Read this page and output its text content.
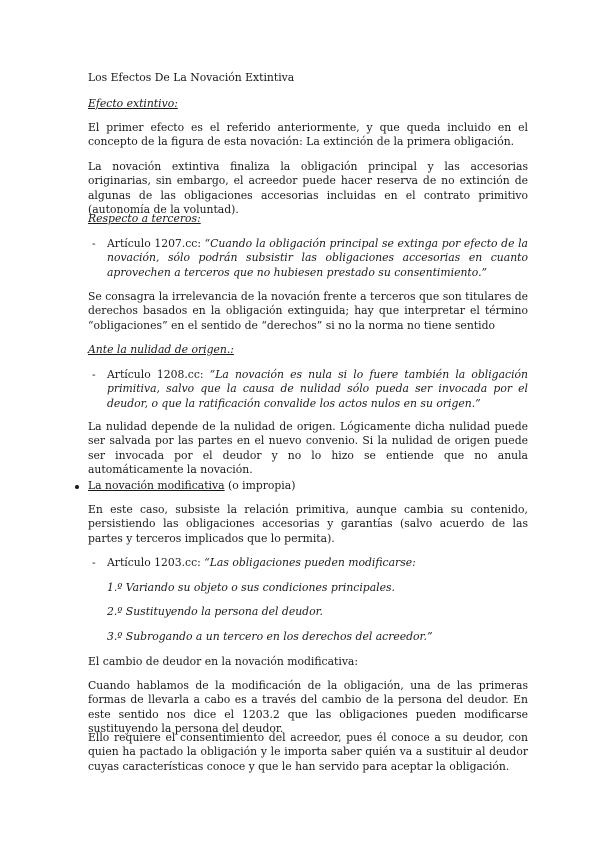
Los Efectos De La Novación Extintiva

Efecto extintivo:

El primer efecto es el referido anteriormente, y que queda incluido en el concepto de la figura de esta novación: La extinción de la primera obligación.

La novación extintiva finaliza la obligación principal y las accesorias originarias, sin embargo, el acreedor puede hacer reserva de no extinción de algunas de las obligaciones accesorias incluidas en el contrato primitivo (autonomía de la voluntad).

Respecto a terceros:

- Artículo 1207.cc: “Cuando la obligación principal se extinga por efecto de la novación, sólo podrán subsistir las obligaciones accesorias en cuanto aprovechen a terceros que no hubiesen prestado su consentimiento.”

Se consagra la irrelevancia de la novación frente a terceros que son titulares de derechos basados en la obligación extinguida; hay que interpretar el término “obligaciones” en el sentido de “derechos” si no la norma no tiene sentido

Ante la nulidad de origen.:

- Artículo 1208.cc: “La novación es nula si lo fuere también la obligación primitiva, salvo que la causa de nulidad sólo pueda ser invocada por el deudor, o que la ratificación convalide los actos nulos en su origen.”

La nulidad depende de la nulidad de origen. Lógicamente dicha nulidad puede ser salvada por las partes en el nuevo convenio. Si la nulidad de origen puede ser invocada por el deudor y no lo hizo se entiende que no anula automáticamente la novación.

La novación modificativa (o impropia)

En este caso, subsiste la relación primitiva, aunque cambia su contenido, persistiendo las obligaciones accesorias y garantías (salvo acuerdo de las partes y terceros implicados que lo permita).

- Artículo 1203.cc: “Las obligaciones pueden modificarse:

1.º Variando su objeto o sus condiciones principales.

2.º Sustituyendo la persona del deudor.

3.º Subrogando a un tercero en los derechos del acreedor.”

El cambio de deudor en la novación modificativa:

Cuando hablamos de la modificación de la obligación, una de las primeras formas de llevarla a cabo es a través del cambio de la persona del deudor. En este sentido nos dice el 1203.2 que las obligaciones pueden modificarse sustituyendo la persona del deudor.

Ello requiere el consentimiento del acreedor, pues él conoce a su deudor, con quien ha pactado la obligación y le importa saber quién va a sustituir al deudor cuyas características conoce y que le han servido para aceptar la obligación.
